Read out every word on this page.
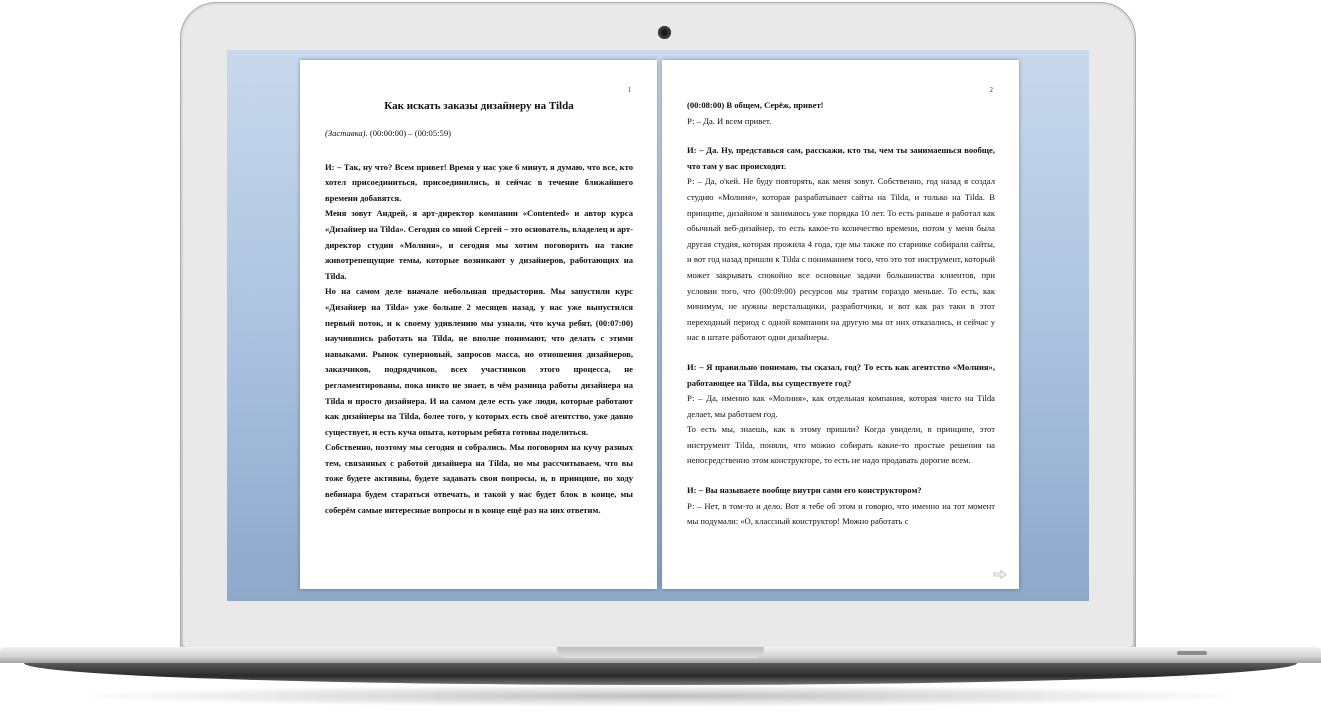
1
Как искать заказы дизайнеру на Tilda
(Заставка). (00:00:00) – (00:05:59)

И: – Так, ну что? Всем привет! Время у нас уже 6 минут, я думаю, что все, кто хотел присоединиться, присоединились, и сейчас в течение ближайшего времени добавятся.

Меня зовут Андрей, я арт-директор компании «Contented» и автор курса «Дизайнер на Tilda». Сегодня со мной Сергей – это основатель, владелец и арт-директор студии «Молния», и сегодня мы хотим поговорить на такие животрепещущие темы, которые возникают у дизайнеров, работающих на Tilda.

Но на самом деле вначале небольшая предыстория. Мы запустили курс «Дизайнер на Tilda» уже больше 2 месяцев назад, у нас уже выпустился первый поток, и к своему удивлению мы узнали, что куча ребят, (00:07:00) научившись работать на Tilda, не вполне понимают, что делать с этими навыками. Рынок суперновый, запросов масса, но отношения дизайнеров, заказчиков, подрядчиков, всех участников этого процесса, не регламентированы, пока никто не знает, в чём разница работы дизайнера на Tilda и просто дизайнера. И на самом деле есть уже люди, которые работают как дизайнеры на Tilda, более того, у которых есть своё агентство, уже давно существует, и есть куча опыта, которым ребята готовы поделиться.

Собственно, поэтому мы сегодня и собрались. Мы поговорим на кучу разных тем, связанных с работой дизайнера на Tilda, но мы рассчитываем, что вы тоже будете активны, будете задавать свои вопросы, и, в принципе, по ходу вебинара будем стараться отвечать, и такой у нас будет блок в конце, мы соберём самые интересные вопросы и в конце ещё раз на них ответим.

2

(00:08:00) В общем, Серёж, привет!

Р: – Да. И всем привет.

И: – Да. Ну, представься сам, расскажи, кто ты, чем ты занимаешься вообще, что там у вас происходит.

Р: – Да, о'кей. Не буду повторять, как меня зовут. Собственно, год назад я создал студию «Молния», которая разрабатывает сайты на Tilda, и только на Tilda. В принципе, дизайном я занимаюсь уже порядка 10 лет. То есть раньше я работал как обычный веб-дизайнер, то есть какое-то количество времени, потом у меня была другая студия, которая прожила 4 года, где мы также по старинке собирали сайты, и вот год назад пришли к Tilda с пониманием того, что это тот инструмент, который может закрывать спокойно все основные задачи большинства клиентов, при условии того, что (00:09:00) ресурсов мы тратим гораздо меньше. То есть, как минимум, не нужны верстальщики, разработчики, и вот как раз таки в этот переходный период с одной компании на другую мы от них отказались, и сейчас у нас в штате работают одни дизайнеры.

И: – Я правильно понимаю, ты сказал, год? То есть как агентство «Молния», работающее на Tilda, вы существуете год?

Р: – Да, именно как «Молния», как отдельная компания, которая чисто на Tilda делает, мы работаем год.

То есть мы, знаешь, как к этому пришли? Когда увидели, в принципе, этот инструмент Tilda, поняли, что можно собирать какие-то простые решения на непосредственно этом конструкторе, то есть не надо продавать дорогие всем.

И: – Вы называете вообще внутри сами его конструктором?

Р: – Нет, в том-то и дело. Вот я тебе об этом и говорю, что именно на тот момент мы подумали: «О, классный конструктор! Можно работать с
